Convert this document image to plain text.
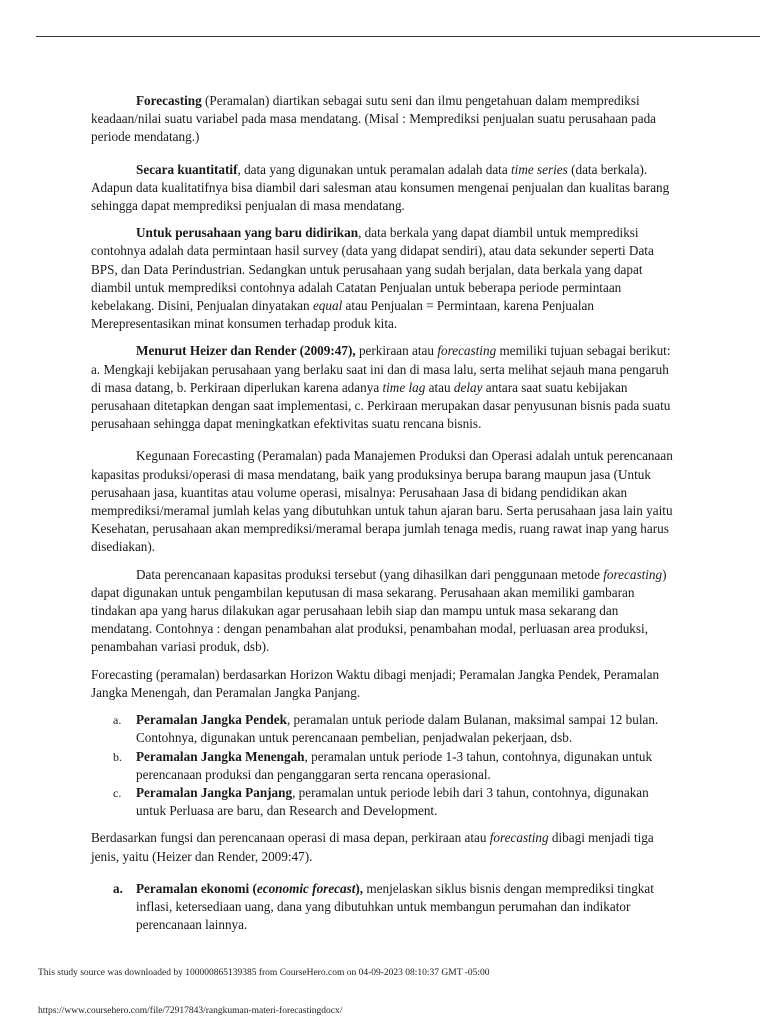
Forecasting (Peramalan) diartikan sebagai sutu seni dan ilmu pengetahuan dalam memprediksi keadaan/nilai suatu variabel pada masa mendatang. (Misal : Memprediksi penjualan suatu perusahaan pada periode mendatang.)

Secara kuantitatif, data yang digunakan untuk peramalan adalah data time series (data berkala). Adapun data kualitatifnya bisa diambil dari salesman atau konsumen mengenai penjualan dan kualitas barang sehingga dapat memprediksi penjualan di masa mendatang.

Untuk perusahaan yang baru didirikan, data berkala yang dapat diambil untuk memprediksi contohnya adalah data permintaan hasil survey (data yang didapat sendiri), atau data sekunder seperti Data BPS, dan Data Perindustrian. Sedangkan untuk perusahaan yang sudah berjalan, data berkala yang dapat diambil untuk memprediksi contohnya adalah Catatan Penjualan untuk beberapa periode permintaan kebelakang. Disini, Penjualan dinyatakan equal atau Penjualan = Permintaan, karena Penjualan Merepresentasikan minat konsumen terhadap produk kita.

Menurut Heizer dan Render (2009:47), perkiraan atau forecasting memiliki tujuan sebagai berikut: a. Mengkaji kebijakan perusahaan yang berlaku saat ini dan di masa lalu, serta melihat sejauh mana pengaruh di masa datang, b. Perkiraan diperlukan karena adanya time lag atau delay antara saat suatu kebijakan perusahaan ditetapkan dengan saat implementasi, c. Perkiraan merupakan dasar penyusunan bisnis pada suatu perusahaan sehingga dapat meningkatkan efektivitas suatu rencana bisnis.

Kegunaan Forecasting (Peramalan) pada Manajemen Produksi dan Operasi adalah untuk perencanaan kapasitas produksi/operasi di masa mendatang, baik yang produksinya berupa barang maupun jasa (Untuk perusahaan jasa, kuantitas atau volume operasi, misalnya: Perusahaan Jasa di bidang pendidikan akan memprediksi/meramal jumlah kelas yang dibutuhkan untuk tahun ajaran baru. Serta perusahaan jasa lain yaitu Kesehatan, perusahaan akan memprediksi/meramal berapa jumlah tenaga medis, ruang rawat inap yang harus disediakan).

Data perencanaan kapasitas produksi tersebut (yang dihasilkan dari penggunaan metode forecasting) dapat digunakan untuk pengambilan keputusan di masa sekarang. Perusahaan akan memiliki gambaran tindakan apa yang harus dilakukan agar perusahaan lebih siap dan mampu untuk masa sekarang dan mendatang. Contohnya : dengan penambahan alat produksi, penambahan modal, perluasan area produksi, penambahan variasi produk, dsb).

Forecasting (peramalan) berdasarkan Horizon Waktu dibagi menjadi; Peramalan Jangka Pendek, Peramalan Jangka Menengah, dan Peramalan Jangka Panjang.

a. Peramalan Jangka Pendek, peramalan untuk periode dalam Bulanan, maksimal sampai 12 bulan. Contohnya, digunakan untuk perencanaan pembelian, penjadwalan pekerjaan, dsb.
b. Peramalan Jangka Menengah, peramalan untuk periode 1-3 tahun, contohnya, digunakan untuk perencanaan produksi dan penganggaran serta rencana operasional.
c. Peramalan Jangka Panjang, peramalan untuk periode lebih dari 3 tahun, contohnya, digunakan untuk Perluasa are baru, dan Research and Development.

Berdasarkan fungsi dan perencanaan operasi di masa depan, perkiraan atau forecasting dibagi menjadi tiga jenis, yaitu (Heizer dan Render, 2009:47).

a. Peramalan ekonomi (economic forecast), menjelaskan siklus bisnis dengan memprediksi tingkat inflasi, ketersediaan uang, dana yang dibutuhkan untuk membangun perumahan dan indikator perencanaan lainnya.
This study source was downloaded by 100000865139385 from CourseHero.com on 04-09-2023 08:10:37 GMT -05:00
https://www.coursehero.com/file/72917843/rangkuman-materi-forecastingdocx/
